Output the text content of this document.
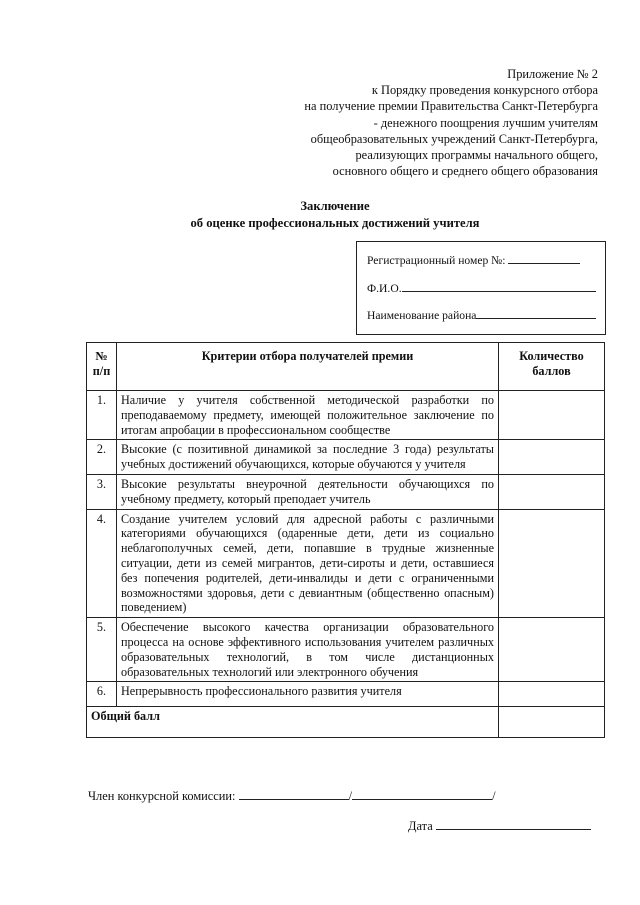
Приложение № 2
к Порядку проведения конкурсного отбора
на получение премии Правительства Санкт-Петербурга
- денежного поощрения лучшим учителям
общеобразовательных учреждений Санкт-Петербурга,
реализующих программы начального общего,
основного общего и среднего общего образования
Заключение
об оценке профессиональных достижений учителя
Регистрационный номер №:
Ф.И.О.
Наименование района
№ п/п	Критерии отбора получателей премии	Количество баллов
1.	Наличие у учителя собственной методической разработки по преподаваемому предмету, имеющей положительное заключение по итогам апробации в профессиональном сообществе	
2.	Высокие (с позитивной динамикой за последние 3 года) результаты учебных достижений обучающихся, которые обучаются у учителя	
3.	Высокие результаты внеурочной деятельности обучающихся по учебному предмету, который преподает учитель	
4.	Создание учителем условий для адресной работы с различными категориями обучающихся (одаренные дети, дети из социально неблагополучных семей, дети, попавшие в трудные жизненные ситуации, дети из семей мигрантов, дети-сироты и дети, оставшиеся без попечения родителей, дети-инвалиды и дети с ограниченными возможностями здоровья, дети с девиантным (общественно опасным) поведением)	
5.	Обеспечение высокого качества организации образовательного процесса на основе эффективного использования учителем различных образовательных технологий, в том числе дистанционных образовательных технологий или электронного обучения	
6.	Непрерывность профессионального развития учителя	
Общий балл		
Член конкурсной комиссии:	/	/
Дата
